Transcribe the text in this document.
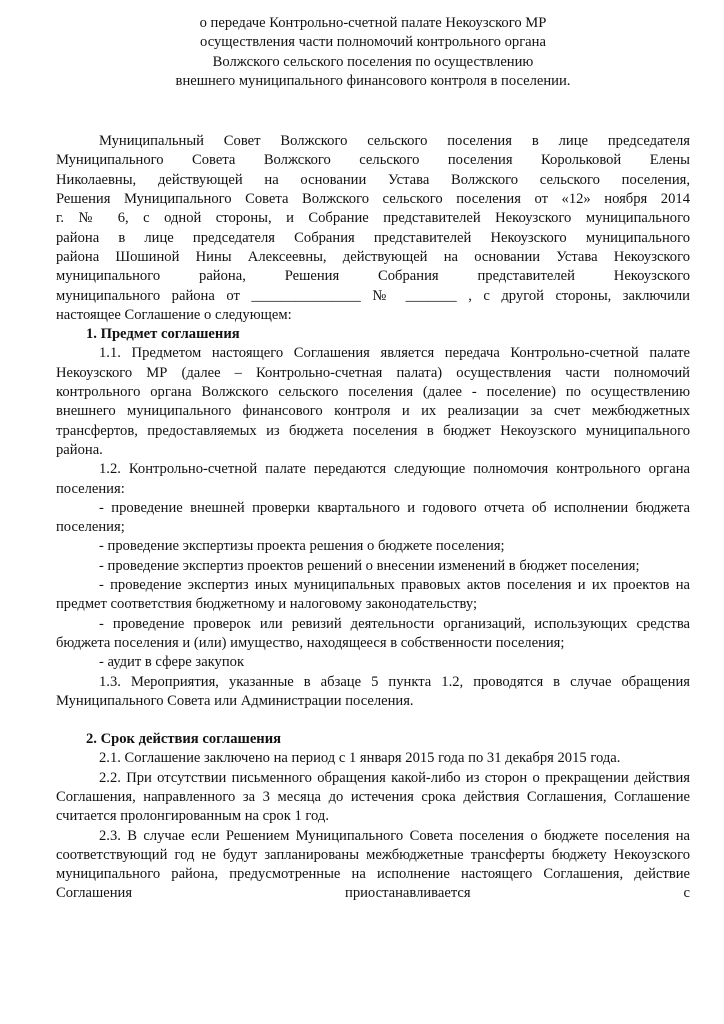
о передаче Контрольно-счетной палате Некоузского МР
осуществления части полномочий контрольного органа
Волжского сельского поселения по осуществлению
внешнего муниципального финансового контроля в поселении.
Муниципальный Совет Волжского сельского поселения в лице председателя
Муниципального Совета Волжского сельского поселения Корольковой Елены
Николаевны, действующей на основании Устава Волжского сельского поселения,
Решения Муниципального Совета Волжского сельского поселения от «12» ноября 2014
г. № 6, с одной стороны, и Собрание представителей Некоузского муниципального
района в лице председателя Собрания представителей Некоузского муниципального
района Шошиной Нины Алексеевны, действующей на основании Устава Некоузского
муниципального района, Решения Собрания представителей Некоузского
муниципального района от _______________ № _______ , с другой стороны, заключили
настоящее Соглашение о следующем:
1. Предмет соглашения

1.1. Предметом настоящего Соглашения является передача Контрольно-счетной палате Некоузского МР (далее – Контрольно-счетная палата) осуществления части полномочий контрольного органа Волжского сельского поселения (далее - поселение) по осуществлению внешнего муниципального финансового контроля и их реализации за счет межбюджетных трансфертов, предоставляемых из бюджета поселения в бюджет Некоузского муниципального района.

1.2. Контрольно-счетной палате передаются следующие полномочия контрольного органа поселения:

- проведение внешней проверки квартального и годового отчета об исполнении бюджета поселения;

- проведение экспертизы проекта решения о бюджете поселения;

- проведение экспертиз проектов решений о внесении изменений в бюджет поселения;

- проведение экспертиз иных муниципальных правовых актов поселения и их проектов на предмет соответствия бюджетному и налоговому законодательству;

- проведение проверок или ревизий деятельности организаций, использующих средства бюджета поселения и (или) имущество, находящееся в собственности поселения;

- аудит в сфере закупок

1.3. Мероприятия, указанные в абзаце 5 пункта 1.2, проводятся в случае обращения Муниципального Совета или Администрации поселения.

2. Срок действия соглашения

2.1. Соглашение заключено на период с 1 января 2015 года по 31 декабря 2015 года.

2.2. При отсутствии письменного обращения какой-либо из сторон о прекращении действия Соглашения, направленного за 3 месяца до истечения срока действия Соглашения, Соглашение считается пролонгированным на срок 1 год.

2.3. В случае если Решением Муниципального Совета поселения о бюджете поселения на соответствующий год не будут запланированы межбюджетные трансферты бюджету Некоузского муниципального района, предусмотренные на исполнение настоящего Соглашения, действие Соглашения приостанавливается с
